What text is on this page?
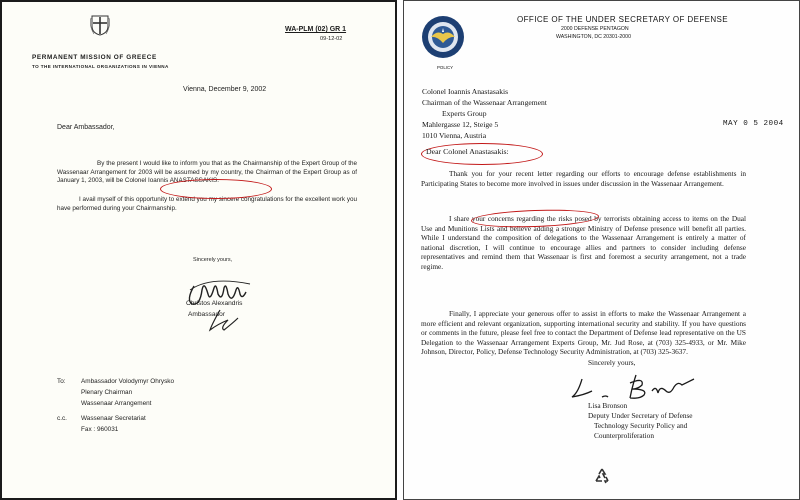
PERMANENT MISSION OF GREECE
TO THE INTERNATIONAL ORGANIZATIONS IN VIENNA
WA-PLM (02) GR 1
09-12-02
Vienna, December 9, 2002
Dear Ambassador,
By the present I would like to inform you that as the Chairmanship of the Expert Group of the Wassenaar Arrangement for 2003 will be assumed by my country, the Chairman of the Expert Group as of January 1, 2003, will be Colonel Ioannis ANASTASSAKIS.
I avail myself of this opportunity to extend you my sincere congratulations for the excellent work you have performed during your Chairmanship.
Sincerely yours,
Christos Alexandris
Ambassador
To: Ambassador Volodymyr Ohrysko
Plenary Chairman
Wassenaar Arrangement
c.c. Wassenaar Secretariat
Fax : 960031
POLICY
OFFICE OF THE UNDER SECRETARY OF DEFENSE
2000 DEFENSE PENTAGON
WASHINGTON, DC 20301-2000
Colonel Ioannis Anastasakis
Chairman of the Wassenaar Arrangement
Experts Group
Mahlergasse 12, Steige 5
1010 Vienna, Austria
MAY 0 5 2004
Dear Colonel Anastasakis:
Thank you for your recent letter regarding our efforts to encourage defense establishments in Participating States to become more involved in issues under discussion in the Wassenaar Arrangement.
I share your concerns regarding the risks posed by terrorists obtaining access to items on the Dual Use and Munitions Lists and believe adding a stronger Ministry of Defense presence will benefit all parties. While I understand the composition of delegations to the Wassenaar Arrangement is entirely a matter of national discretion, I will continue to encourage allies and partners to consider including defense representatives and remind them that Wassenaar is first and foremost a security arrangement, not a trade regime.
Finally, I appreciate your generous offer to assist in efforts to make the Wassenaar Arrangement a more efficient and relevant organization, supporting international security and stability. If you have questions or comments in the future, please feel free to contact the Department of Defense lead representative on the US Delegation to the Wassenaar Arrangement Experts Group, Mr. Jud Rose, at (703) 325-4933, or Mr. Mike Johnson, Director, Policy, Defense Technology Security Administration, at (703) 325-3637.
Sincerely yours,
Lisa Bronson
Deputy Under Secretary of Defense
Technology Security Policy and
Counterproliferation
